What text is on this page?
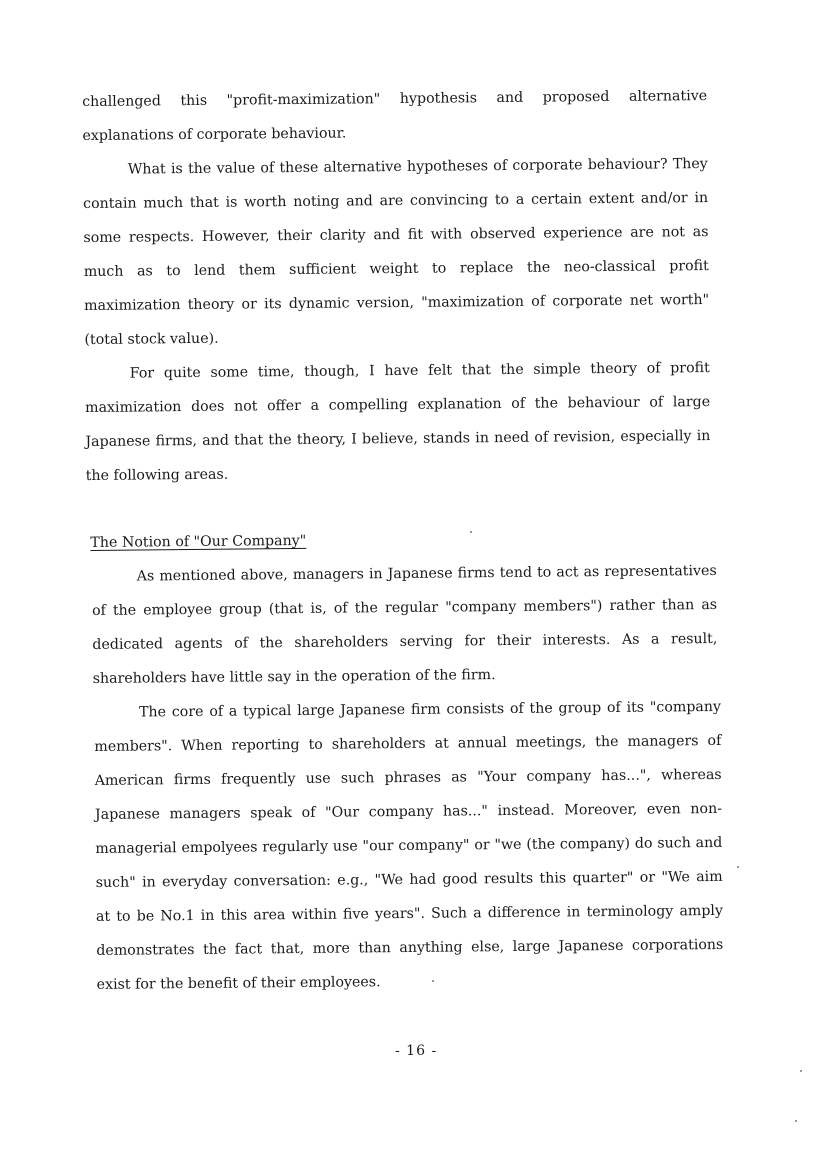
challenged this "profit-maximization" hypothesis and proposed alternative
explanations of corporate behaviour.
What is the value of these alternative hypotheses of corporate behaviour? They
contain much that is worth noting and are convincing to a certain extent and/or in
some respects. However, their clarity and fit with observed experience are not as
much as to lend them sufficient weight to replace the neo-classical profit
maximization theory or its dynamic version, "maximization of corporate net worth"
(total stock value).
For quite some time, though, I have felt that the simple theory of profit
maximization does not offer a compelling explanation of the behaviour of large
Japanese firms, and that the theory, I believe, stands in need of revision, especially in
the following areas.
The Notion of "Our Company"
As mentioned above, managers in Japanese firms tend to act as representatives
of the employee group (that is, of the regular "company members") rather than as
dedicated agents of the shareholders serving for their interests. As a result,
shareholders have little say in the operation of the firm.
The core of a typical large Japanese firm consists of the group of its "company
members". When reporting to shareholders at annual meetings, the managers of
American firms frequently use such phrases as "Your company has...", whereas
Japanese managers speak of "Our company has..." instead. Moreover, even non-
managerial empolyees regularly use "our company" or "we (the company) do such and
such" in everyday conversation: e.g., "We had good results this quarter" or "We aim
at to be No.1 in this area within five years". Such a difference in terminology amply
demonstrates the fact that, more than anything else, large Japanese corporations
exist for the benefit of their employees.
- 16 -
